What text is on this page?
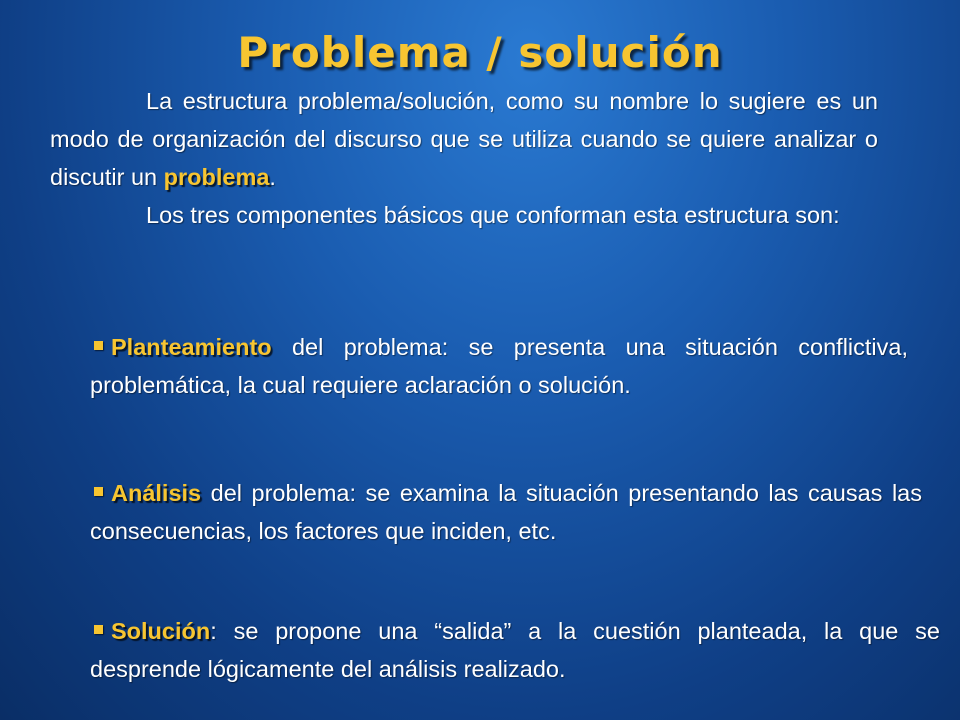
Problema / solución
La estructura problema/solución, como su nombre lo sugiere es un modo de organización del discurso que se utiliza cuando se quiere analizar o discutir un problema.
Los tres componentes básicos que conforman esta estructura son:
Planteamiento del problema: se presenta una situación conflictiva, problemática, la cual requiere aclaración o solución.
Análisis del problema: se examina la situación presentando las causas las consecuencias, los factores que inciden, etc.
Solución: se propone una “salida” a la cuestión planteada, la que se desprende lógicamente del análisis realizado.
